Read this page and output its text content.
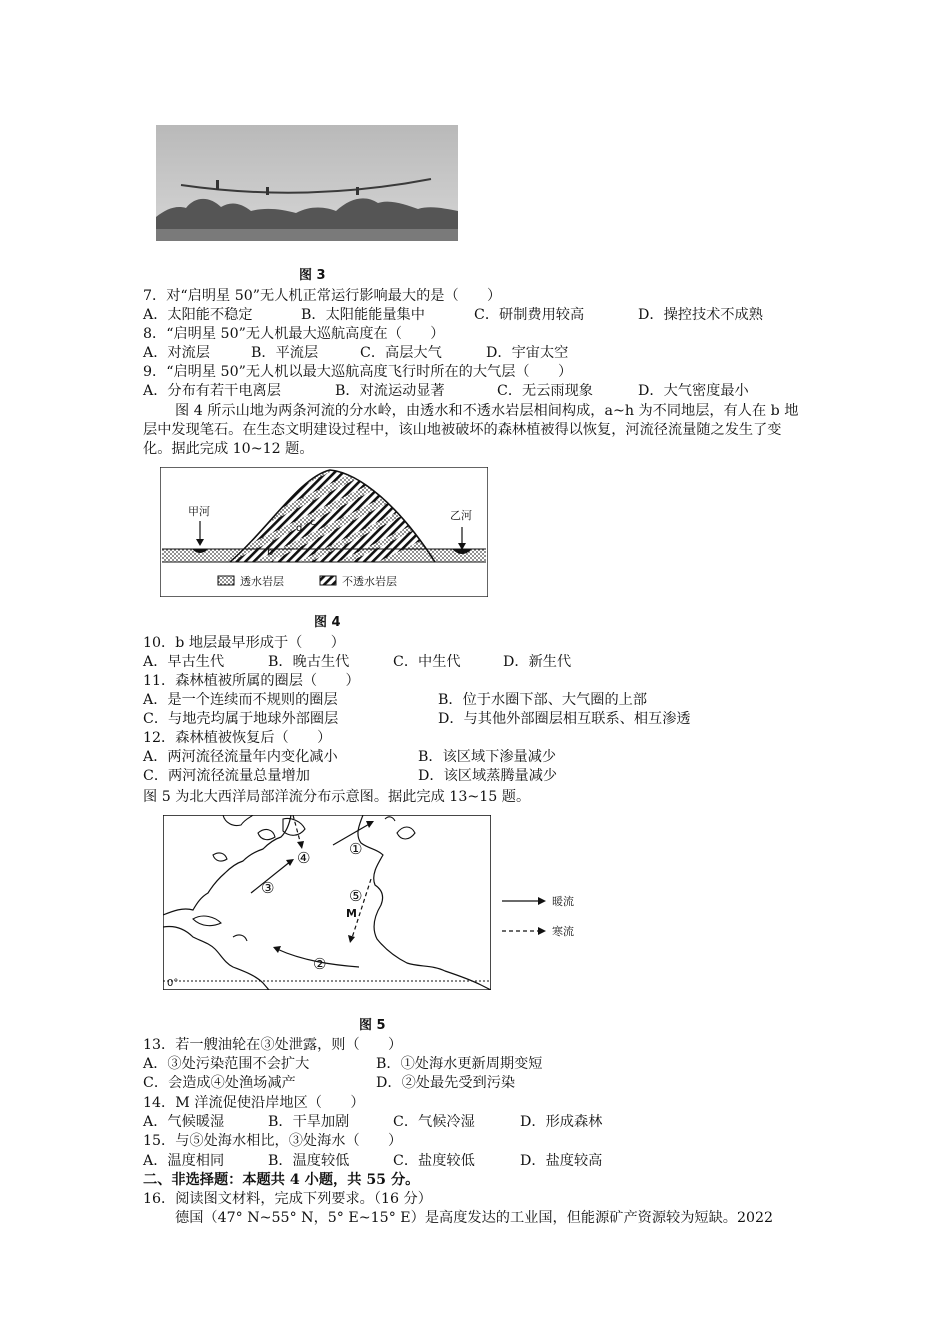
图 3
7．对“启明星 50”无人机正常运行影响最大的是（　　）
A．太阳能不稳定	B．太阳能能量集中	C．研制费用较高	D．操控技术不成熟
8．“启明星 50”无人机最大巡航高度在（　　）
A．对流层	B．平流层	C．高层大气	D．宇宙太空
9．“启明星 50”无人机以最大巡航高度飞行时所在的大气层（　　）
A．分布有若干电离层	B．对流运动显著	C．无云雨现象	D．大气密度最小
图 4 所示山地为两条河流的分水岭，由透水和不透水岩层相间构成，a~h 为不同地层，有人在 b 地层中发现笔石。在生态文明建设过程中，该山地被破坏的森林植被得以恢复，河流径流量随之发生了变化。据此完成 10~12 题。
甲河	乙河
b
c
d
透水岩层	不透水岩层
图 4
10．b 地层最早形成于（　　）
A．早古生代	B．晚古生代	C．中生代	D．新生代
11．森林植被所属的圈层（　　）
A．是一个连续而不规则的圈层	B．位于水圈下部、大气圈的上部
C．与地壳均属于地球外部圈层	D．与其他外部圈层相互联系、相互渗透
12．森林植被恢复后（　　）
A．两河流径流量年内变化减小	B．该区域下渗量减少
C．两河流径流量总量增加	D．该区域蒸腾量减少
图 5 为北大西洋局部洋流分布示意图。据此完成 13~15 题。
④	①
③	⑤
M
②
0°
暖流
寒流
图 5
13．若一艘油轮在③处泄露，则（　　）
A．③处污染范围不会扩大	B．①处海水更新周期变短
C．会造成④处渔场减产	D．②处最先受到污染
14．M 洋流促使沿岸地区（　　）
A．气候暖湿	B．干旱加剧	C．气候冷湿	D．形成森林
15．与⑤处海水相比，③处海水（　　）
A．温度相同	B．温度较低	C．盐度较低	D．盐度较高
二、非选择题：本题共 4 小题，共 55 分。
16．阅读图文材料，完成下列要求。（16 分）
德国（47° N~55° N，5° E~15° E）是高度发达的工业国，但能源矿产资源较为短缺。2022
